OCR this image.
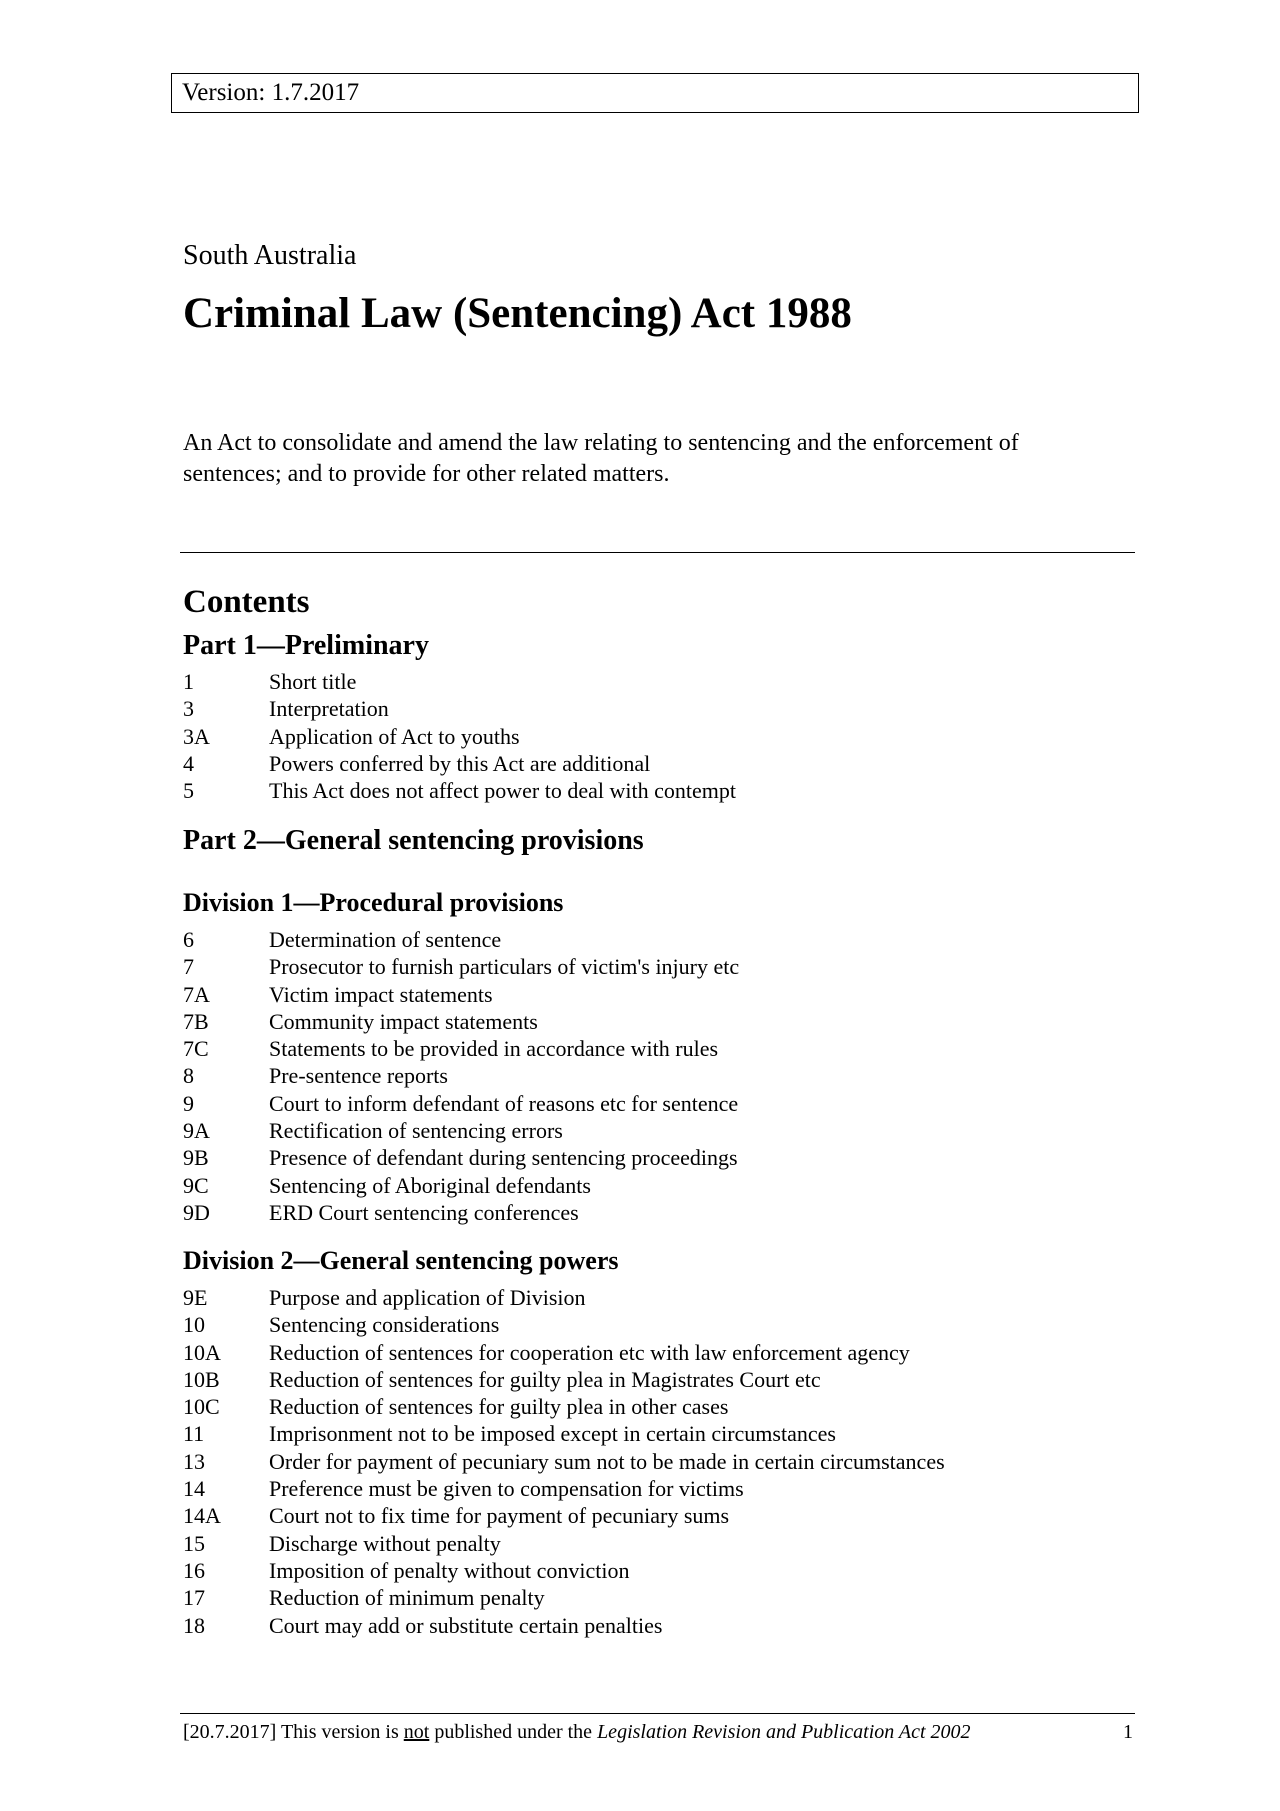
Version: 1.7.2017
South Australia
Criminal Law (Sentencing) Act 1988

An Act to consolidate and amend the law relating to sentencing and the enforcement of sentences; and to provide for other related matters.

Contents
Part 1—Preliminary
1	Short title
3	Interpretation
3A	Application of Act to youths
4	Powers conferred by this Act are additional
5	This Act does not affect power to deal with contempt
Part 2—General sentencing provisions
Division 1—Procedural provisions
6	Determination of sentence
7	Prosecutor to furnish particulars of victim's injury etc
7A	Victim impact statements
7B	Community impact statements
7C	Statements to be provided in accordance with rules
8	Pre-sentence reports
9	Court to inform defendant of reasons etc for sentence
9A	Rectification of sentencing errors
9B	Presence of defendant during sentencing proceedings
9C	Sentencing of Aboriginal defendants
9D	ERD Court sentencing conferences
Division 2—General sentencing powers
9E	Purpose and application of Division
10	Sentencing considerations
10A	Reduction of sentences for cooperation etc with law enforcement agency
10B	Reduction of sentences for guilty plea in Magistrates Court etc
10C	Reduction of sentences for guilty plea in other cases
11	Imprisonment not to be imposed except in certain circumstances
13	Order for payment of pecuniary sum not to be made in certain circumstances
14	Preference must be given to compensation for victims
14A	Court not to fix time for payment of pecuniary sums
15	Discharge without penalty
16	Imposition of penalty without conviction
17	Reduction of minimum penalty
18	Court may add or substitute certain penalties
[20.7.2017] This version is not published under the Legislation Revision and Publication Act 2002	1
